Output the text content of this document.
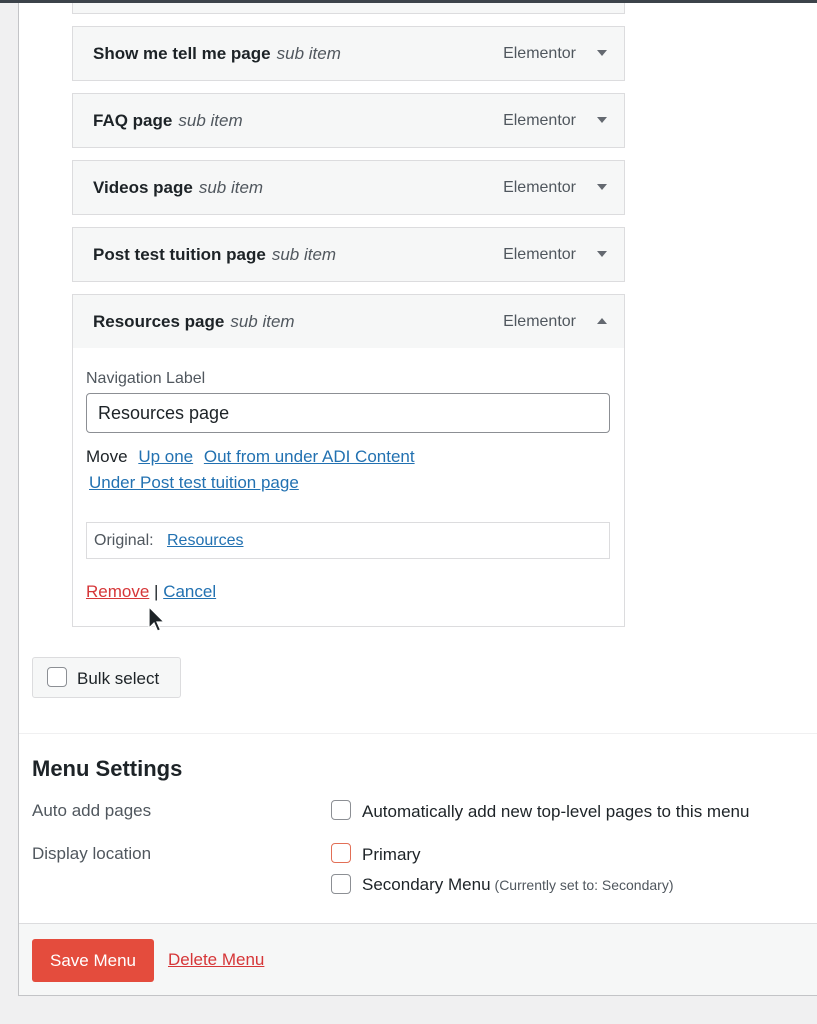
Show me tell me page sub item	Elementor
FAQ page sub item	Elementor
Videos page sub item	Elementor
Post test tuition page sub item	Elementor
Resources page sub item	Elementor
Navigation Label
Resources page
Move Up one Out from under ADI Content
Under Post test tuition page
Original: Resources
Remove | Cancel
Bulk select
Menu Settings
Auto add pages	Automatically add new top-level pages to this menu
Display location	Primary
Secondary Menu (Currently set to: Secondary)
Save Menu	Delete Menu
